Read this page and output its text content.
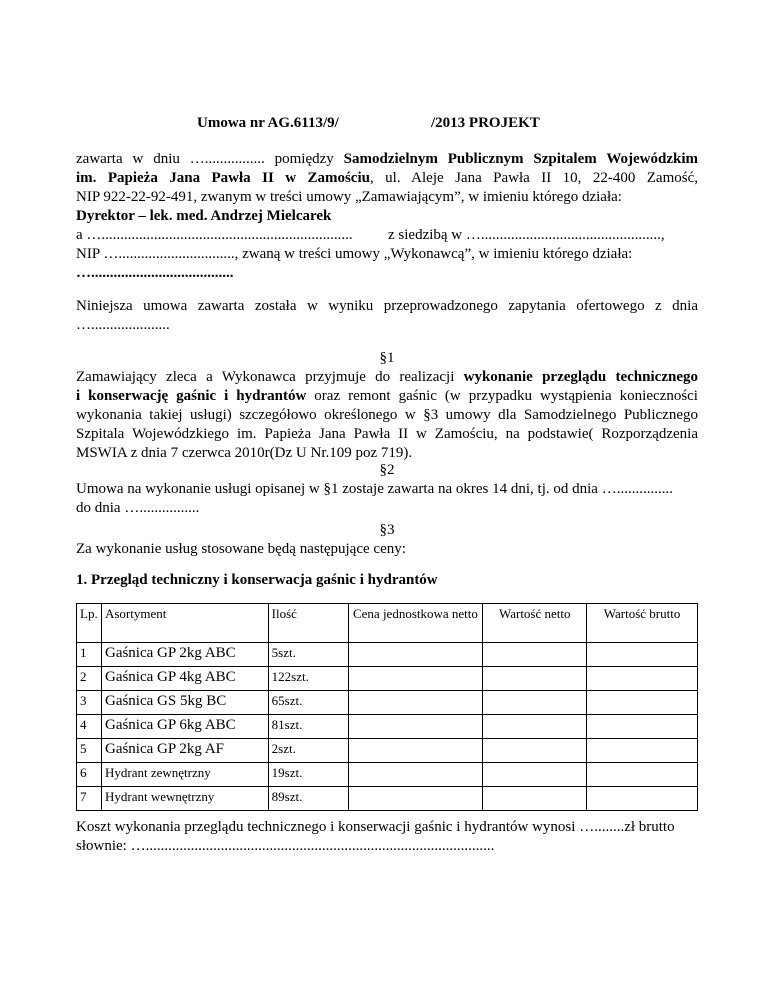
Umowa nr AG.6113/9/	/2013 PROJEKT
zawarta w dniu …................ pomiędzy Samodzielnym Publicznym Szpitalem Wojewódzkim
im. Papieża Jana Pawła II w Zamościu, ul. Aleje Jana Pawła II 10, 22-400 Zamość,
NIP 922-22-92-491, zwanym w treści umowy „Zamawiającym”, w imieniu którego działa:
Dyrektor – lek. med. Andrzej Mielcarek
a …................................................................... z siedzibą w …................................................,
NIP …..............................., zwaną w treści umowy „Wykonawcą”, w imieniu którego działa:
…......................................
Niniejsza umowa zawarta została w wyniku przeprowadzonego zapytania ofertowego z dnia
….....................
§1
Zamawiający zleca a Wykonawca przyjmuje do realizacji wykonanie przeglądu technicznego
i konserwację gaśnic i hydrantów oraz remont gaśnic (w przypadku wystąpienia konieczności
wykonania takiej usługi) szczegółowo określonego w §3 umowy dla Samodzielnego Publicznego
Szpitala Wojewódzkiego im. Papieża Jana Pawła II w Zamościu, na podstawie( Rozporządzenia
MSWIA z dnia 7 czerwca 2010r(Dz U Nr.109 poz 719).
§2
Umowa na wykonanie usługi opisanej w §1 zostaje zawarta na okres 14 dni, tj. od dnia …...............
do dnia …................
§3
Za wykonanie usług stosowane będą następujące ceny:
1. Przegląd techniczny i konserwacja gaśnic i hydrantów
Lp.	Asortyment	Ilość	Cena jednostkowa netto	Wartość netto	Wartość brutto
1	Gaśnica GP 2kg ABC	5szt.			
2	Gaśnica GP 4kg ABC	122szt.			
3	Gaśnica GS 5kg BC	65szt.			
4	Gaśnica GP 6kg ABC	81szt.			
5	Gaśnica GP 2kg AF	2szt.			
6	Hydrant zewnętrzny	19szt.			
7	Hydrant wewnętrzny	89szt.			
Koszt wykonania przeglądu technicznego i konserwacji gaśnic i hydrantów wynosi …........zł brutto
słownie: ….............................................................................................
